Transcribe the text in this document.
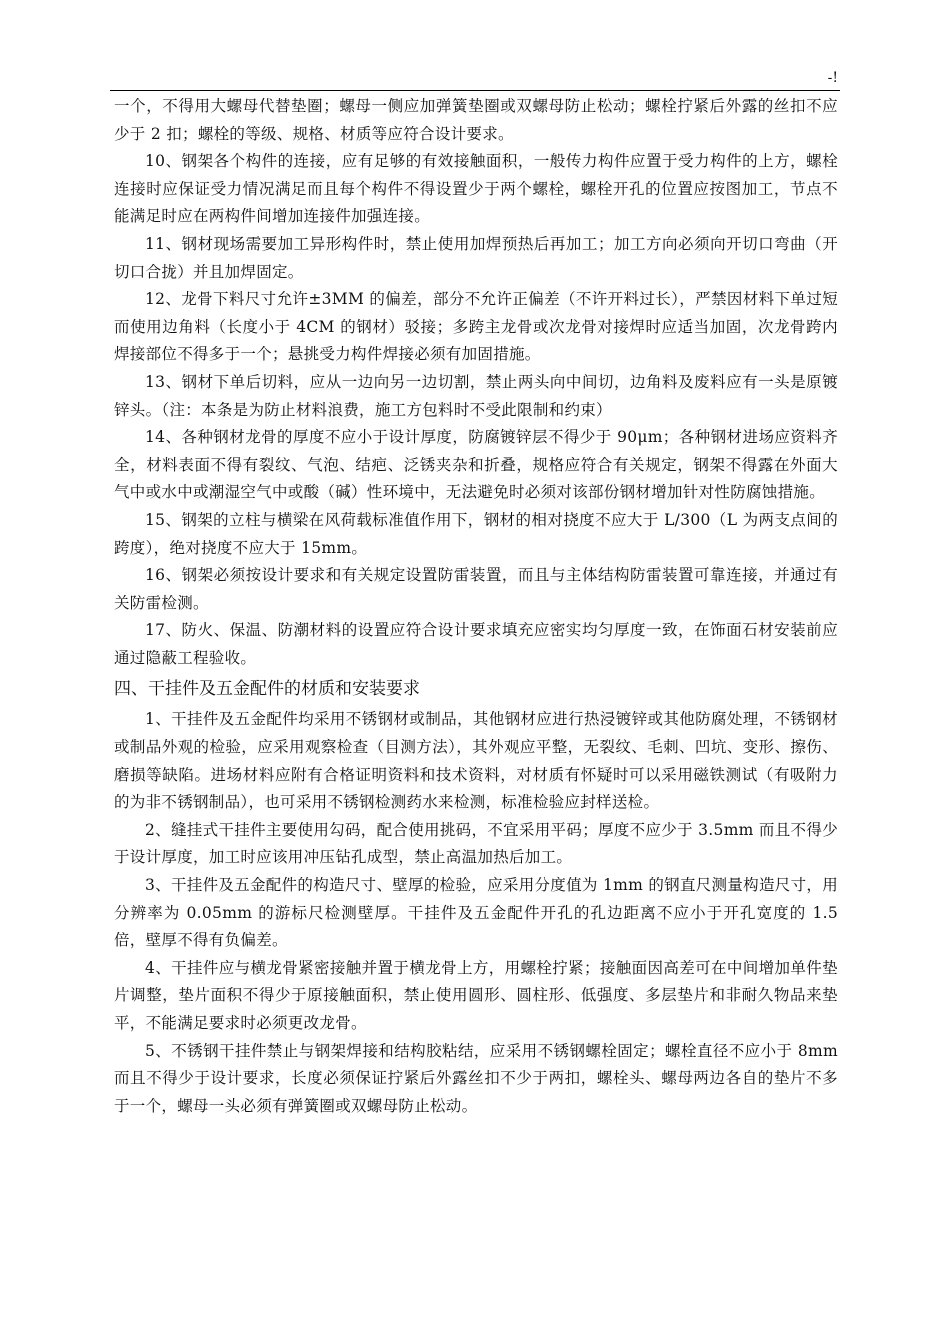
-!

一个，不得用大螺母代替垫圈；螺母一侧应加弹簧垫圈或双螺母防止松动；螺栓拧紧后外露的丝扣不应少于 2 扣；螺栓的等级、规格、材质等应符合设计要求。

10、钢架各个构件的连接，应有足够的有效接触面积，一般传力构件应置于受力构件的上方，螺栓连接时应保证受力情况满足而且每个构件不得设置少于两个螺栓，螺栓开孔的位置应按图加工，节点不能满足时应在两构件间增加连接件加强连接。

11、钢材现场需要加工异形构件时，禁止使用加焊预热后再加工；加工方向必须向开切口弯曲（开切口合拢）并且加焊固定。

12、龙骨下料尺寸允许±3MM 的偏差，部分不允许正偏差（不许开料过长），严禁因材料下单过短而使用边角料（长度小于 4CM 的钢材）驳接；多跨主龙骨或次龙骨对接焊时应适当加固，次龙骨跨内焊接部位不得多于一个；悬挑受力构件焊接必须有加固措施。

13、钢材下单后切料，应从一边向另一边切割，禁止两头向中间切，边角料及废料应有一头是原镀锌头。（注：本条是为防止材料浪费，施工方包料时不受此限制和约束）

14、各种钢材龙骨的厚度不应小于设计厚度，防腐镀锌层不得少于 90μm；各种钢材进场应资料齐全，材料表面不得有裂纹、气泡、结疤、泛锈夹杂和折叠，规格应符合有关规定，钢架不得露在外面大气中或水中或潮湿空气中或酸（碱）性环境中，无法避免时必须对该部份钢材增加针对性防腐蚀措施。

15、钢架的立柱与横梁在风荷载标准值作用下，钢材的相对挠度不应大于 L/300（L 为两支点间的跨度），绝对挠度不应大于 15mm。

16、钢架必须按设计要求和有关规定设置防雷装置，而且与主体结构防雷装置可靠连接，并通过有关防雷检测。

17、防火、保温、防潮材料的设置应符合设计要求填充应密实均匀厚度一致，在饰面石材安装前应通过隐蔽工程验收。

四、干挂件及五金配件的材质和安装要求

1、干挂件及五金配件均采用不锈钢材或制品，其他钢材应进行热浸镀锌或其他防腐处理，不锈钢材或制品外观的检验，应采用观察检查（目测方法），其外观应平整，无裂纹、毛刺、凹坑、变形、擦伤、磨损等缺陷。进场材料应附有合格证明资料和技术资料，对材质有怀疑时可以采用磁铁测试（有吸附力的为非不锈钢制品），也可采用不锈钢检测药水来检测，标准检验应封样送检。

2、缝挂式干挂件主要使用勾码，配合使用挑码，不宜采用平码；厚度不应少于 3.5mm 而且不得少于设计厚度，加工时应该用冲压钻孔成型，禁止高温加热后加工。

3、干挂件及五金配件的构造尺寸、壁厚的检验，应采用分度值为 1mm 的钢直尺测量构造尺寸，用分辨率为 0.05mm 的游标尺检测壁厚。干挂件及五金配件开孔的孔边距离不应小于开孔宽度的 1.5 倍，壁厚不得有负偏差。

4、干挂件应与横龙骨紧密接触并置于横龙骨上方，用螺栓拧紧；接触面因高差可在中间增加单件垫片调整，垫片面积不得少于原接触面积，禁止使用圆形、圆柱形、低强度、多层垫片和非耐久物品来垫平，不能满足要求时必须更改龙骨。

5、不锈钢干挂件禁止与钢架焊接和结构胶粘结，应采用不锈钢螺栓固定；螺栓直径不应小于 8mm 而且不得少于设计要求，长度必须保证拧紧后外露丝扣不少于两扣，螺栓头、螺母两边各自的垫片不多于一个，螺母一头必须有弹簧圈或双螺母防止松动。
